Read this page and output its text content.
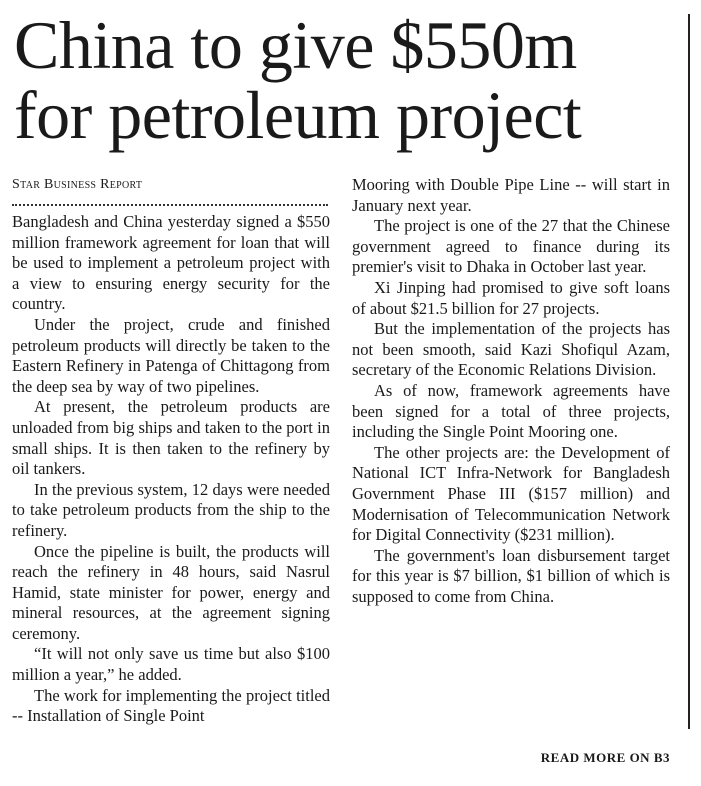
China to give $550m
for petroleum project
Star Business Report

Bangladesh and China yesterday signed a $550 million framework agreement for loan that will be used to implement a petroleum project with a view to ensuring energy security for the country.

Under the project, crude and finished petroleum products will directly be taken to the Eastern Refinery in Patenga of Chittagong from the deep sea by way of two pipelines.

At present, the petroleum products are unloaded from big ships and taken to the port in small ships. It is then taken to the refinery by oil tankers.

In the previous system, 12 days were needed to take petroleum products from the ship to the refinery.

Once the pipeline is built, the products will reach the refinery in 48 hours, said Nasrul Hamid, state minister for power, energy and mineral resources, at the agreement signing ceremony.

“It will not only save us time but also $100 million a year,” he added.

The work for implementing the project titled -- Installation of Single Point

Mooring with Double Pipe Line -- will start in January next year.

The project is one of the 27 that the Chinese government agreed to finance during its premier's visit to Dhaka in October last year.

Xi Jinping had promised to give soft loans of about $21.5 billion for 27 projects.

But the implementation of the projects has not been smooth, said Kazi Shofiqul Azam, secretary of the Economic Relations Division.

As of now, framework agreements have been signed for a total of three projects, including the Single Point Mooring one.

The other projects are: the Development of National ICT Infra-Network for Bangladesh Government Phase III ($157 million) and Modernisation of Telecommunication Network for Digital Connectivity ($231 million).

The government's loan disbursement target for this year is $7 billion, $1 billion of which is supposed to come from China.

READ MORE ON B3
